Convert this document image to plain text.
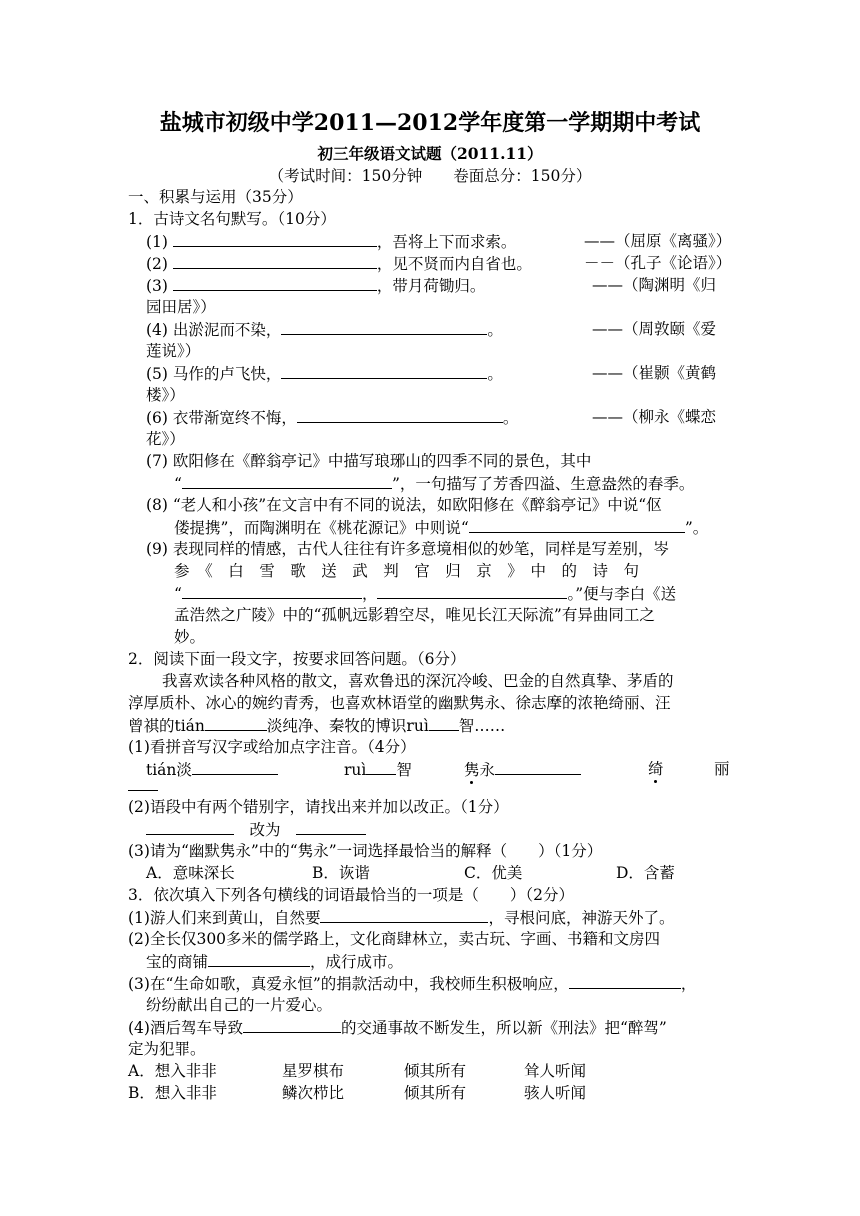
盐城市初级中学2011—2012学年度第一学期期中考试
初三年级语文试题（2011.11）
（考试时间：150分钟　　卷面总分：150分）
一、积累与运用（35分）
1．古诗文名句默写。（10分）
(1)	，吾将上下而求索。	——（屈原《离骚》）
(2)	，见不贤而内自省也。	－－（孔子《论语》）
(3)	，带月荷锄归。	——（陶渊明《归
园田居》）
(4) 出淤泥而不染，	。	——（周敦颐《爱
莲说》）
(5) 马作的卢飞快，	。	——（崔颢《黄鹤
楼》）
(6) 衣带渐宽终不悔，	。	——（柳永《蝶恋
花》）
(7) 欧阳修在《醉翁亭记》中描写琅琊山的四季不同的景色，其中
“	”，一句描写了芳香四溢、生意盎然的春季。
(8) “老人和小孩”在文言中有不同的说法，如欧阳修在《醉翁亭记》中说“伛
偻提携”，而陶渊明在《桃花源记》中则说“	”。
(9) 表现同样的情感，古代人往往有许多意境相似的妙笔，同样是写差别，岑
参　《　白　雪　歌　送　武　判　官　归　京　》　中　的　诗　句
“	，	。”便与李白《送
孟浩然之广陵》中的“孤帆远影碧空尽，唯见长江天际流”有异曲同工之
妙。
2．阅读下面一段文字，按要求回答问题。（6分）
我喜欢读各种风格的散文，喜欢鲁迅的深沉冷峻、巴金的自然真挚、茅盾的
淳厚质朴、冰心的婉约青秀，也喜欢林语堂的幽默隽永、徐志摩的浓艳绮丽、汪
曾祺的tián	淡纯净、秦牧的博识ruì 智……
(1)看拼音写汉字或给加点字注音。（4分）
tián淡	ruì 智	隽永	绮	丽
(2)语段中有两个错别字，请找出来并加以改正。（1分）
　改为　
(3)请为“幽默隽永”中的“隽永”一词选择最恰当的解释（　　）（1分）
A．意味深长	B．诙谐	C．优美	D．含蓄
3．依次填入下列各句横线的词语最恰当的一项是（　　）（2分）
(1)游人们来到黄山，自然要	，寻根问底，神游天外了。
(2)全长仅300多米的儒学路上，文化商肆林立，卖古玩、字画、书籍和文房四
宝的商铺	，成行成市。
(3)在“生命如歌，真爱永恒”的捐款活动中，我校师生积极响应，	，
纷纷献出自己的一片爱心。
(4)酒后驾车导致	的交通事故不断发生，所以新《刑法》把“醉驾”
定为犯罪。
A．想入非非	星罗棋布	倾其所有	耸人听闻
B．想入非非	鳞次栉比	倾其所有	骇人听闻
